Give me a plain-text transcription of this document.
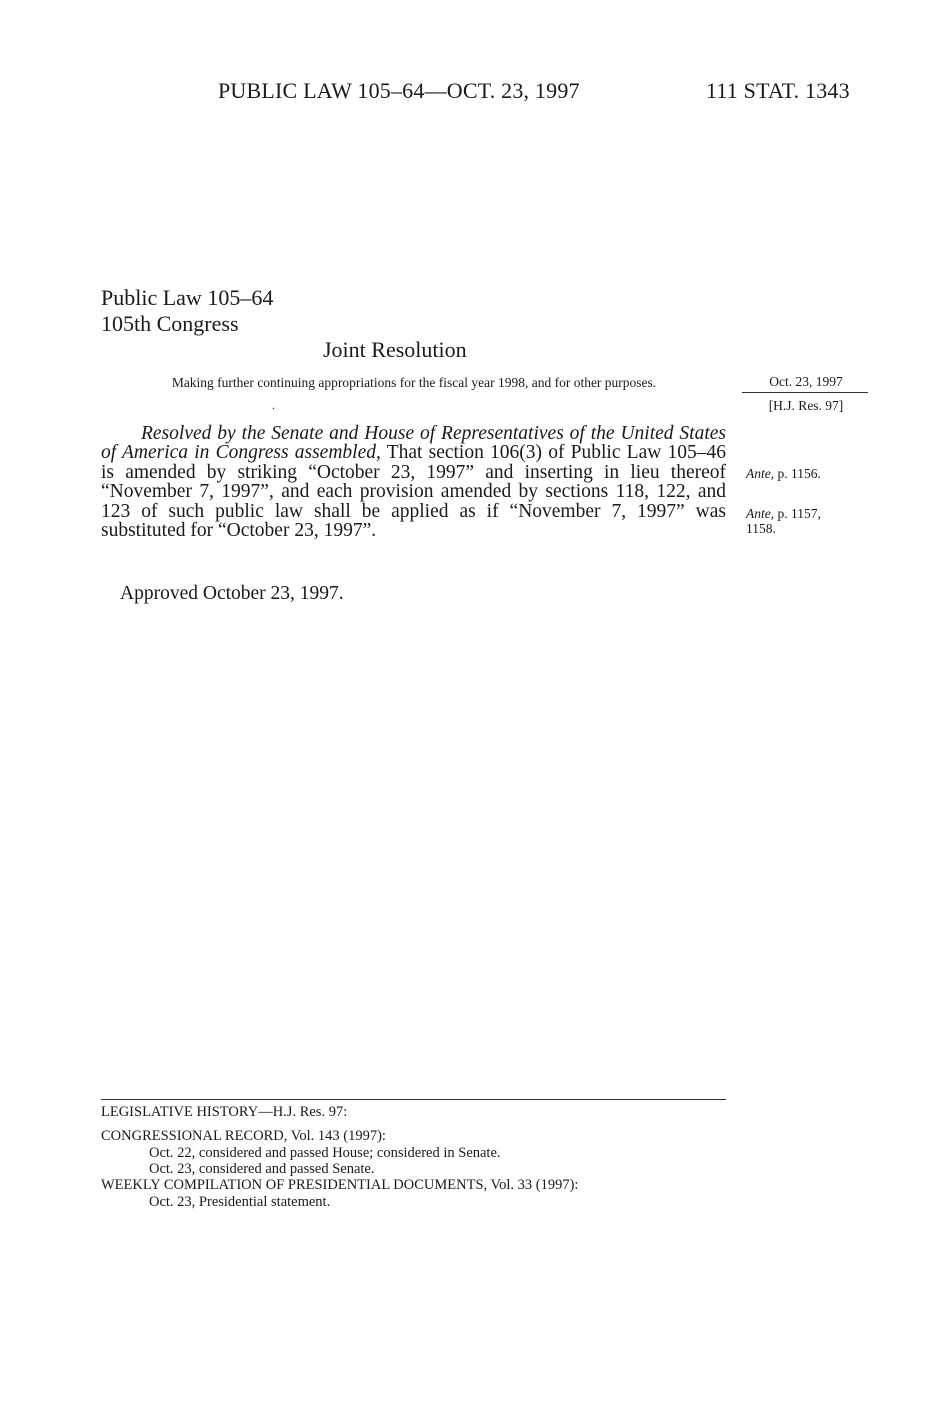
PUBLIC LAW 105–64—OCT. 23, 1997	111 STAT. 1343
Public Law 105–64
105th Congress
Joint Resolution
Making further continuing appropriations for the fiscal year 1998, and for other purposes.
.
Oct. 23, 1997
[H.J. Res. 97]
Ante, p. 1156.
Ante, p. 1157,
1158.
Resolved by the Senate and House of Representatives of the United States of America in Congress assembled, That section 106(3) of Public Law 105–46 is amended by striking “October 23, 1997” and inserting in lieu thereof “November 7, 1997”, and each provision amended by sections 118, 122, and 123 of such public law shall be applied as if “November 7, 1997” was substituted for “October 23, 1997”.
Approved October 23, 1997.
LEGISLATIVE HISTORY—H.J. Res. 97:
CONGRESSIONAL RECORD, Vol. 143 (1997):
Oct. 22, considered and passed House; considered in Senate.
Oct. 23, considered and passed Senate.
WEEKLY COMPILATION OF PRESIDENTIAL DOCUMENTS, Vol. 33 (1997):
Oct. 23, Presidential statement.
